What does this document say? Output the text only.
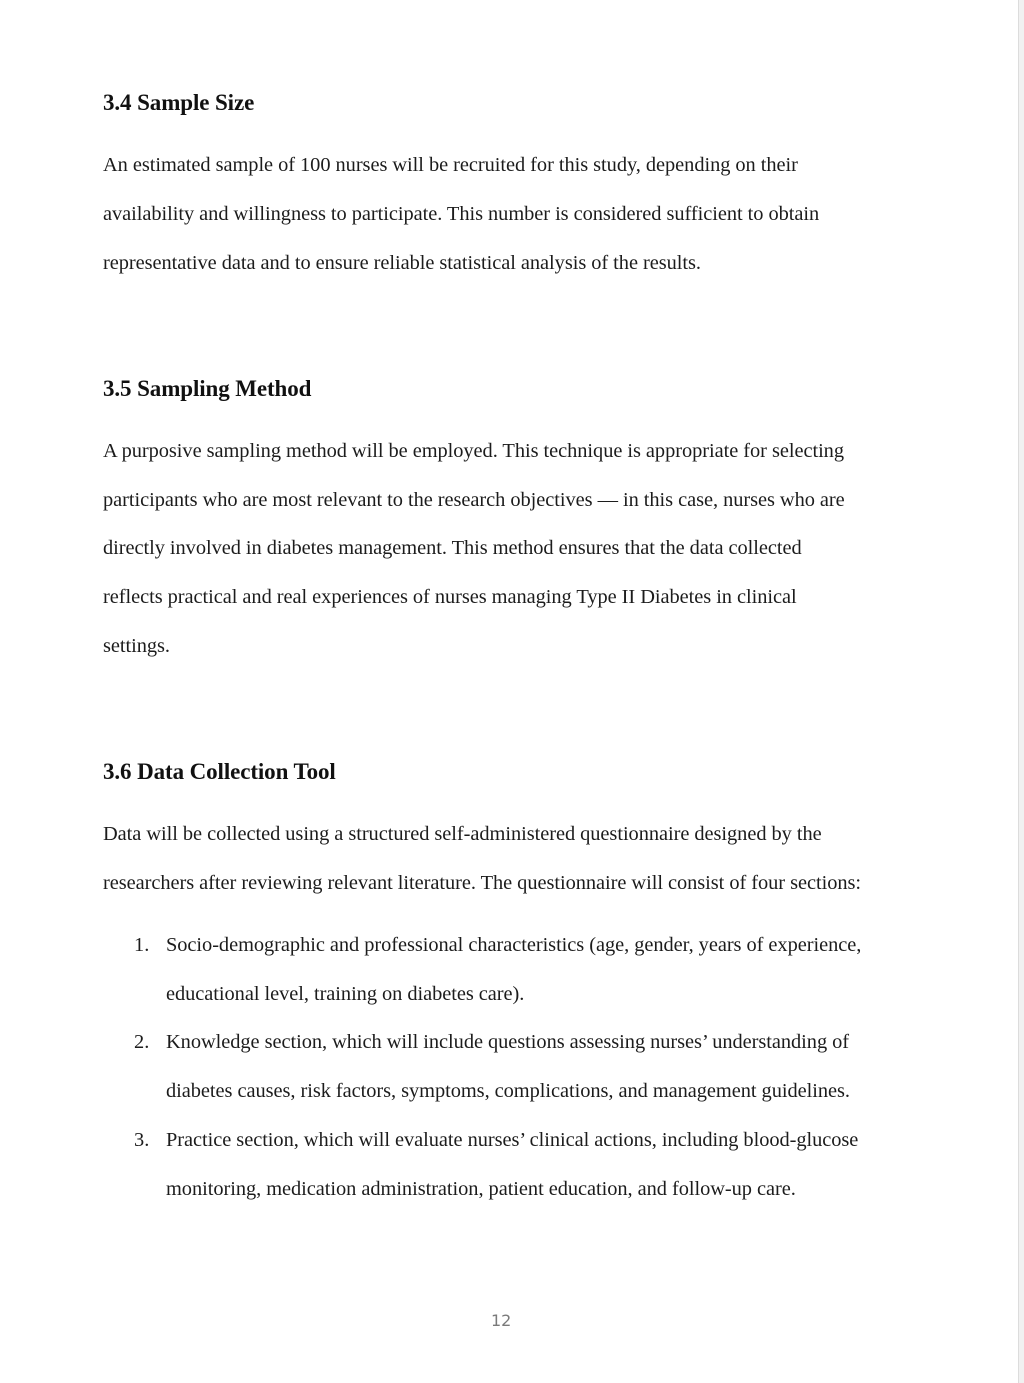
3.4 Sample Size

An estimated sample of 100 nurses will be recruited for this study, depending on their

availability and willingness to participate. This number is considered sufficient to obtain

representative data and to ensure reliable statistical analysis of the results.

3.5 Sampling Method

A purposive sampling method will be employed. This technique is appropriate for selecting

participants who are most relevant to the research objectives — in this case, nurses who are

directly involved in diabetes management. This method ensures that the data collected

reflects practical and real experiences of nurses managing Type II Diabetes in clinical

settings.

3.6 Data Collection Tool

Data will be collected using a structured self-administered questionnaire designed by the

researchers after reviewing relevant literature. The questionnaire will consist of four sections:

1. Socio-demographic and professional characteristics (age, gender, years of experience,
educational level, training on diabetes care).
2. Knowledge section, which will include questions assessing nurses’ understanding of
diabetes causes, risk factors, symptoms, complications, and management guidelines.
3. Practice section, which will evaluate nurses’ clinical actions, including blood-glucose
monitoring, medication administration, patient education, and follow-up care.
12
